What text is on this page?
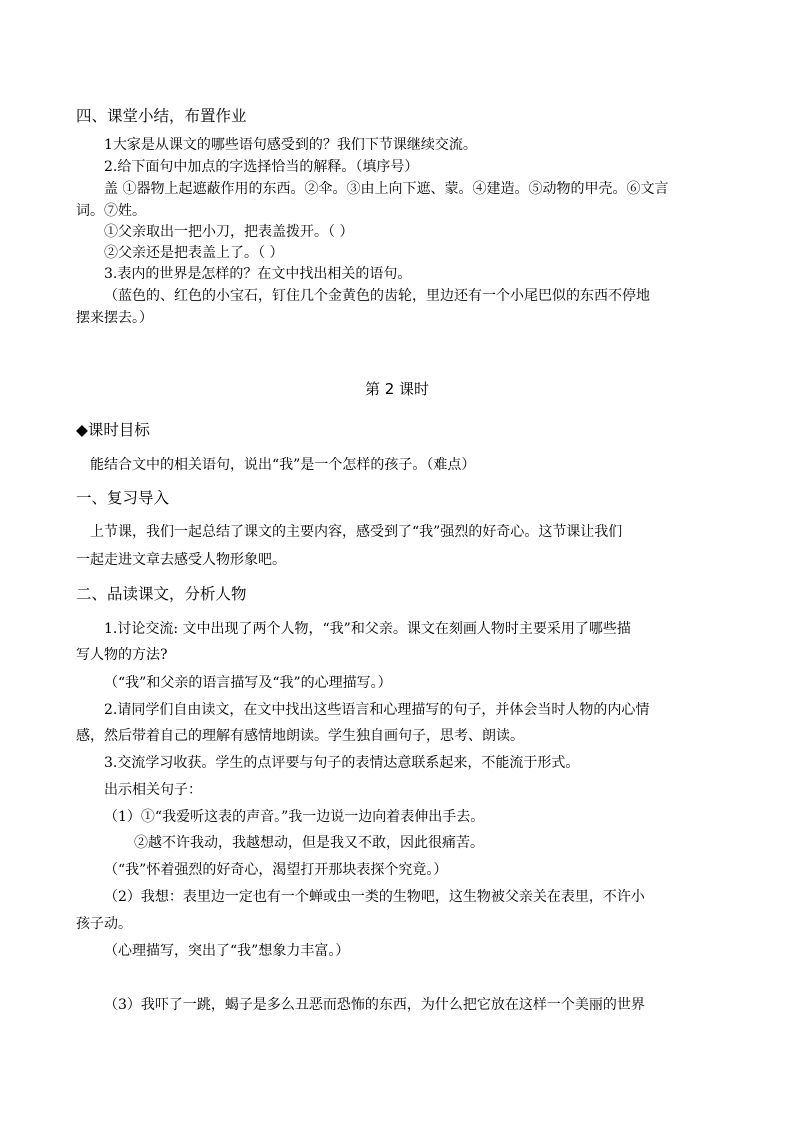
四、课堂小结，布置作业
1大家是从课文的哪些语句感受到的？我们下节课继续交流。
2.给下面句中加点的字选择恰当的解释。（填序号）
盖 ①器物上起遮蔽作用的东西。②伞。③由上向下遮、蒙。④建造。⑤动物的甲壳。⑥文言
词。⑦姓。
①父亲取出一把小刀，把表盖拨开。（ ）
②父亲还是把表盖上了。（ ）
3.表内的世界是怎样的？在文中找出相关的语句。
（蓝色的、红色的小宝石，钉住几个金黄色的齿轮，里边还有一个小尾巴似的东西不停地
摆来摆去。）
第 2 课时
◆课时目标
能结合文中的相关语句，说出“我”是一个怎样的孩子。（难点）
一、复习导入
上节课，我们一起总结了课文的主要内容，感受到了“我”强烈的好奇心。这节课让我们
一起走进文章去感受人物形象吧。
二、品读课文，分析人物
1.讨论交流: 文中出现了两个人物，“我”和父亲。课文在刻画人物时主要采用了哪些描
写人物的方法?
（“我”和父亲的语言描写及“我”的心理描写。）
2.请同学们自由读文，在文中找出这些语言和心理描写的句子，并体会当时人物的内心情
感，然后带着自己的理解有感情地朗读。学生独自画句子，思考、朗读。
3.交流学习收获。学生的点评要与句子的表情达意联系起来，不能流于形式。
出示相关句子：
（1）①“我爱听这表的声音。”我一边说一边向着表伸出手去。
②越不许我动，我越想动，但是我又不敢，因此很痛苦。
（“我”怀着强烈的好奇心，渴望打开那块表探个究竟。）
（2）我想：表里边一定也有一个蝉或虫一类的生物吧，这生物被父亲关在表里，不许小
孩子动。
（心理描写，突出了“我”想象力丰富。）
（3）我吓了一跳，蝎子是多么丑恶而恐怖的东西，为什么把它放在这样一个美丽的世界
